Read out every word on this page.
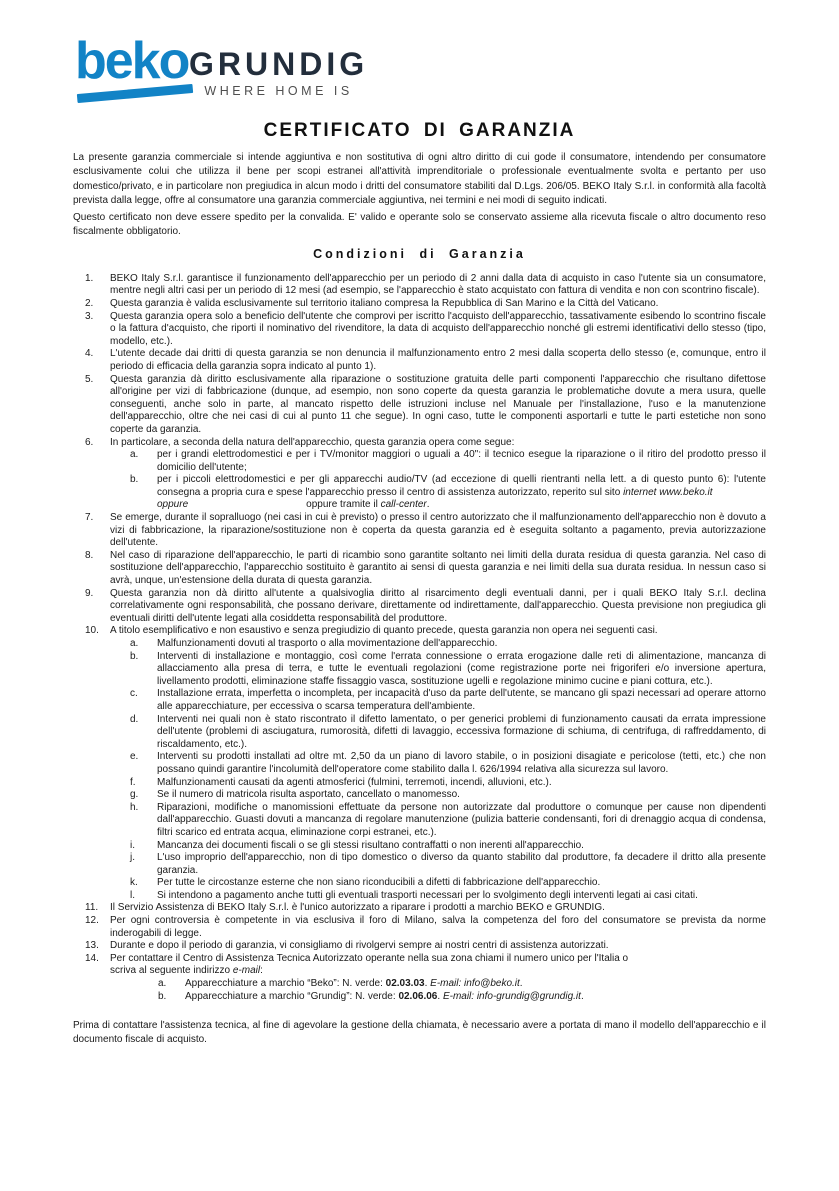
beko GRUNDIG
WHERE HOME IS
CERTIFICATO DI GARANZIA

La presente garanzia commerciale si intende aggiuntiva e non sostitutiva di ogni altro diritto di cui gode il consumatore, intendendo per consumatore esclusivamente colui che utilizza il bene per scopi estranei all'attività imprenditoriale o professionale eventualmente svolta e pertanto per uso domestico/privato, e in particolare non pregiudica in alcun modo i dritti del consumatore stabiliti dal D.Lgs. 206/05. BEKO Italy S.r.l. in conformità alla facoltà prevista dalla legge, offre al consumatore una garanzia commerciale aggiuntiva, nei termini e nei modi di seguito indicati.

Questo certificato non deve essere spedito per la convalida. E' valido e operante solo se conservato assieme alla ricevuta fiscale o altro documento reso fiscalmente obbligatorio.

Condizioni di Garanzia
1. BEKO Italy S.r.l. garantisce il funzionamento dell'apparecchio per un periodo di 2 anni dalla data di acquisto in caso l'utente sia un consumatore, mentre negli altri casi per un periodo di 12 mesi (ad esempio, se l'apparecchio è stato acquistato con fattura di vendita e non con scontrino fiscale).
2. Questa garanzia è valida esclusivamente sul territorio italiano compresa la Repubblica di San Marino e la Città del Vaticano.
3. Questa garanzia opera solo a beneficio dell'utente che comprovi per iscritto l'acquisto dell'apparecchio, tassativamente esibendo lo scontrino fiscale o la fattura d'acquisto, che riporti il nominativo del rivenditore, la data di acquisto dell'apparecchio nonché gli estremi identificativi dello stesso (tipo, modello, etc.).
4. L'utente decade dai dritti di questa garanzia se non denuncia il malfunzionamento entro 2 mesi dalla scoperta dello stesso (e, comunque, entro il periodo di efficacia della garanzia sopra indicato al punto 1).
5. Questa garanzia dà diritto esclusivamente alla riparazione o sostituzione gratuita delle parti componenti l'apparecchio che risultano difettose all'origine per vizi di fabbricazione (dunque, ad esempio, non sono coperte da questa garanzia le problematiche dovute a mera usura, quelle conseguenti, anche solo in parte, al mancato rispetto delle istruzioni incluse nel Manuale per l'installazione, l'uso e la manutenzione dell'apparecchio, oltre che nei casi di cui al punto 11 che segue). In ogni caso, tutte le componenti asportarli e tutte le parti estetiche non sono coperte da garanzia.
6. In particolare, a seconda della natura dell'apparecchio, questa garanzia opera come segue:
a. per i grandi elettrodomestici e per i TV/monitor maggiori o uguali a 40": il tecnico esegue la riparazione o il ritiro del prodotto presso il domicilio dell'utente;
b. per i piccoli elettrodomestici e per gli apparecchi audio/TV (ad eccezione di quelli rientranti nella lett. a di questo punto 6): l'utente consegna a propria cura e spese l'apparecchio presso il centro di assistenza autorizzato, reperito sul sito internet www.beko.it
oppure	oppure tramite il call-center.
7. Se emerge, durante il sopralluogo (nei casi in cui è previsto) o presso il centro autorizzato che il malfunzionamento dell'apparecchio non è dovuto a vizi di fabbricazione, la riparazione/sostituzione non è coperta da questa garanzia ed è eseguita soltanto a pagamento, previa autorizzazione dell'utente.
8. Nel caso di riparazione dell'apparecchio, le parti di ricambio sono garantite soltanto nei limiti della durata residua di questa garanzia. Nel caso di sostituzione dell'apparecchio, l'apparecchio sostituito è garantito ai sensi di questa garanzia e nei limiti della sua durata residua. In nessun caso si avrà, unque, un'estensione della durata di questa garanzia.
9. Questa garanzia non dà diritto all'utente a qualsivoglia diritto al risarcimento degli eventuali danni, per i quali BEKO Italy S.r.l. declina correlativamente ogni responsabilità, che possano derivare, direttamente od indirettamente, dall'apparecchio. Questa previsione non pregiudica gli eventuali diritti dell'utente legati alla cosiddetta responsabilità del produttore.
10. A titolo esemplificativo e non esaustivo e senza pregiudizio di quanto precede, questa garanzia non opera nei seguenti casi.
a. Malfunzionamenti dovuti al trasporto o alla movimentazione dell'apparecchio.
b. Interventi di installazione e montaggio, così come l'errata connessione o errata erogazione dalle reti di alimentazione, mancanza di allacciamento alla presa di terra, e tutte le eventuali regolazioni (come registrazione porte nei frigoriferi e/o inversione apertura, livellamento prodotti, eliminazione staffe fissaggio vasca, sostituzione ugelli e regolazione minimo cucine e piani cottura, etc.).
c. Installazione errata, imperfetta o incompleta, per incapacità d'uso da parte dell'utente, se mancano gli spazi necessari ad operare attorno alle apparecchiature, per eccessiva o scarsa temperatura dell'ambiente.
d. Interventi nei quali non è stato riscontrato il difetto lamentato, o per generici problemi di funzionamento causati da errata impressione dell'utente (problemi di asciugatura, rumorosità, difetti di lavaggio, eccessiva formazione di schiuma, di centrifuga, di raffreddamento, di riscaldamento, etc.).
e. Interventi su prodotti installati ad oltre mt. 2,50 da un piano di lavoro stabile, o in posizioni disagiate e pericolose (tetti, etc.) che non possano quindi garantire l'incolumità dell'operatore come stabilito dalla l. 626/1994 relativa alla sicurezza sul lavoro.
f. Malfunzionamenti causati da agenti atmosferici (fulmini, terremoti, incendi, alluvioni, etc.).
g. Se il numero di matricola risulta asportato, cancellato o manomesso.
h. Riparazioni, modifiche o manomissioni effettuate da persone non autorizzate dal produttore o comunque per cause non dipendenti dall'apparecchio. Guasti dovuti a mancanza di regolare manutenzione (pulizia batterie condensanti, fori di drenaggio acqua di condensa, filtri scarico ed entrata acqua, eliminazione corpi estranei, etc.).
i. Mancanza dei documenti fiscali o se gli stessi risultano contraffatti o non inerenti all'apparecchio.
j. L'uso improprio dell'apparecchio, non di tipo domestico o diverso da quanto stabilito dal produttore, fa decadere il dritto alla presente garanzia.
k. Per tutte le circostanze esterne che non siano riconducibili a difetti di fabbricazione dell'apparecchio.
l. Si intendono a pagamento anche tutti gli eventuali trasporti necessari per lo svolgimento degli interventi legati ai casi citati.
11. Il Servizio Assistenza di BEKO Italy S.r.l. è l'unico autorizzato a riparare i prodotti a marchio BEKO e GRUNDIG.
12. Per ogni controversia è competente in via esclusiva il foro di Milano, salva la competenza del foro del consumatore se prevista da norme inderogabili di legge.
13. Durante e dopo il periodo di garanzia, vi consigliamo di rivolgervi sempre ai nostri centri di assistenza autorizzati.
14. Per contattare il Centro di Assistenza Tecnica Autorizzato operante nella sua zona chiami il numero unico per l'Italia o
scriva al seguente indirizzo e-mail:
a. Apparecchiature a marchio “Beko”: N. verde: 02.03.03. E-mail: info@beko.it.
b. Apparecchiature a marchio “Grundig”: N. verde: 02.06.06. E-mail: info-grundig@grundig.it.

Prima di contattare l'assistenza tecnica, al fine di agevolare la gestione della chiamata, è necessario avere a portata di mano il modello dell'apparecchio e il documento fiscale di acquisto.
